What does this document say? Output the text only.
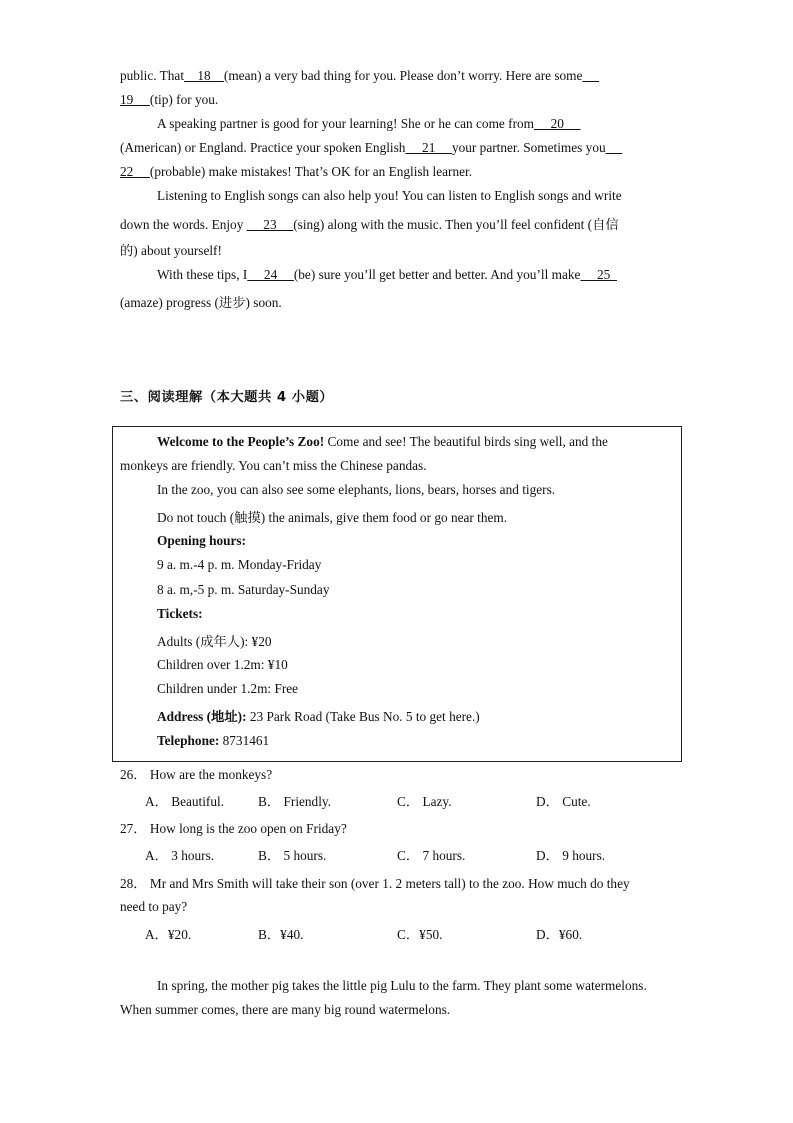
public. That    18    (mean) a very bad thing for you. Please don’t worry. Here are some
19     (tip) for you.
A speaking partner is good for your learning! She or he can come from     20
(American) or England. Practice your spoken English     21     your partner. Sometimes you
22     (probable) make mistakes! That’s OK for an English learner.
Listening to English songs can also help you! You can listen to English songs and write
down the words. Enjoy      23     (sing) along with the music. Then you’ll feel confident (自信
的) about yourself!
With these tips, I     24     (be) sure you’ll get better and better. And you’ll make     25
(amaze) progress (进步) soon.
三、阅读理解（本大题共 4 小题）
Welcome to the People’s Zoo! Come and see! The beautiful birds sing well, and the
monkeys are friendly. You can’t miss the Chinese pandas.
In the zoo, you can also see some elephants, lions, bears, horses and tigers.
Do not touch (触摸) the animals, give them food or go near them.
Opening hours:
9 a. m.-4 p. m. Monday-Friday
8 a. m,-5 p. m. Saturday-Sunday
Tickets:
Adults (成年人): ¥20
Children over 1.2m: ¥10
Children under 1.2m: Free
Address (地址): 23 Park Road (Take Bus No. 5 to get here.)
Telephone: 8731461
26． How are the monkeys?
A． Beautiful.	B． Friendly.	C． Lazy.	D． Cute.
27． How long is the zoo open on Friday?
A． 3 hours.	B． 5 hours.	C． 7 hours.	D． 9 hours.
28． Mr and Mrs Smith will take their son (over 1. 2 meters tall) to the zoo. How much do they
need to pay?
A．¥20.	B．¥40.	C．¥50.	D．¥60.
In spring, the mother pig takes the little pig Lulu to the farm. They plant some watermelons.
When summer comes, there are many big round watermelons.
